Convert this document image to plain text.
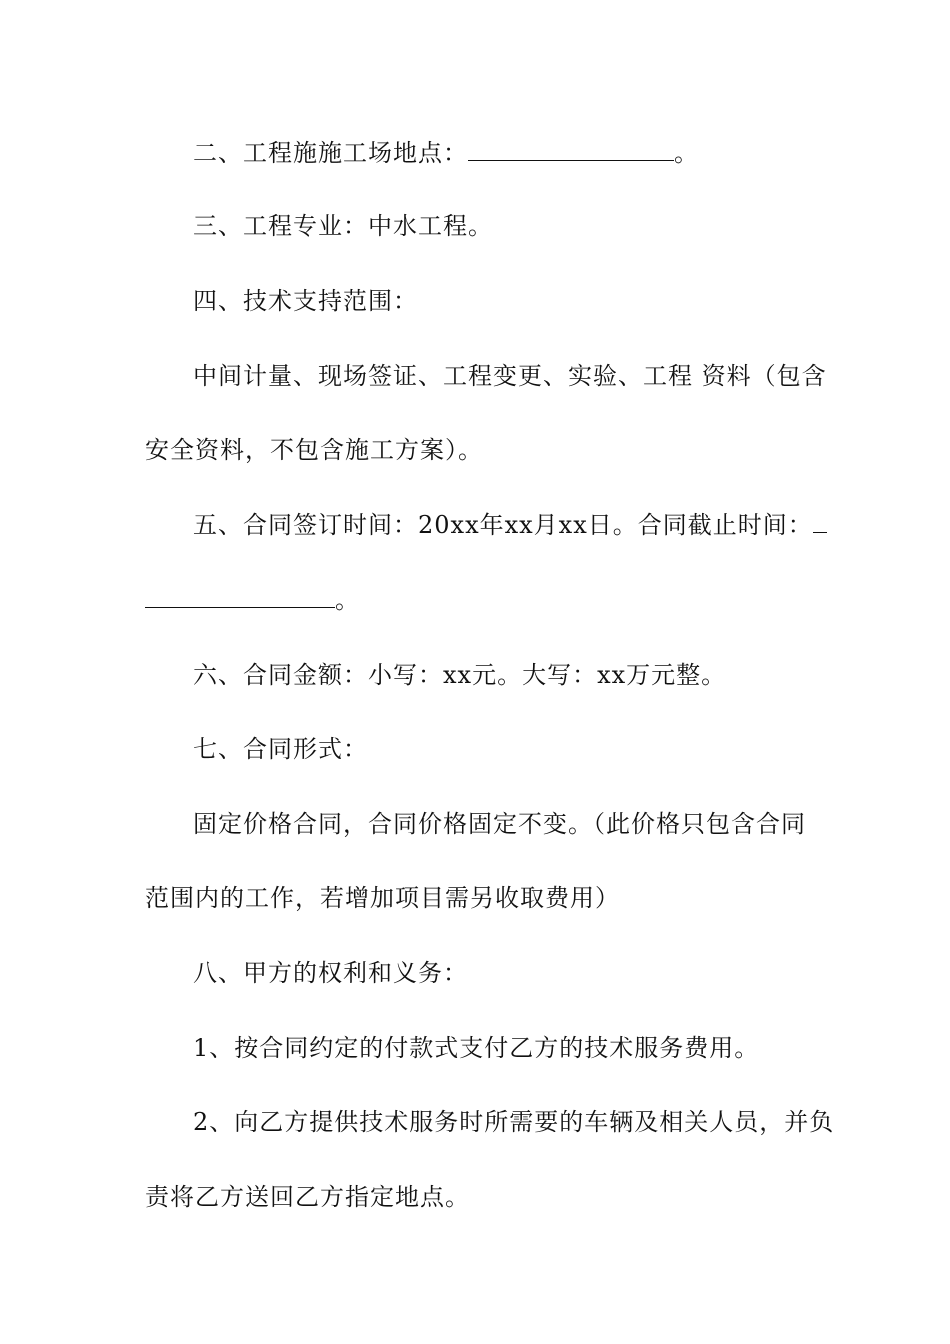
二、工程施施工场地点：	。
三、工程专业：中水工程。
四、技术支持范围：
中间计量、现场签证、工程变更、实验、工程 资料（包含
安全资料，不包含施工方案）。
五、合同签订时间：20xx年xx月xx日。合同截止时间：
。
六、合同金额：小写：xx元。大写：xx万元整。
七、合同形式：
固定价格合同，合同价格固定不变。（此价格只包含合同
范围内的工作，若增加项目需另收取费用）
八、甲方的权利和义务：
1、按合同约定的付款式支付乙方的技术服务费用。
2、向乙方提供技术服务时所需要的车辆及相关人员，并负
责将乙方送回乙方指定地点。
